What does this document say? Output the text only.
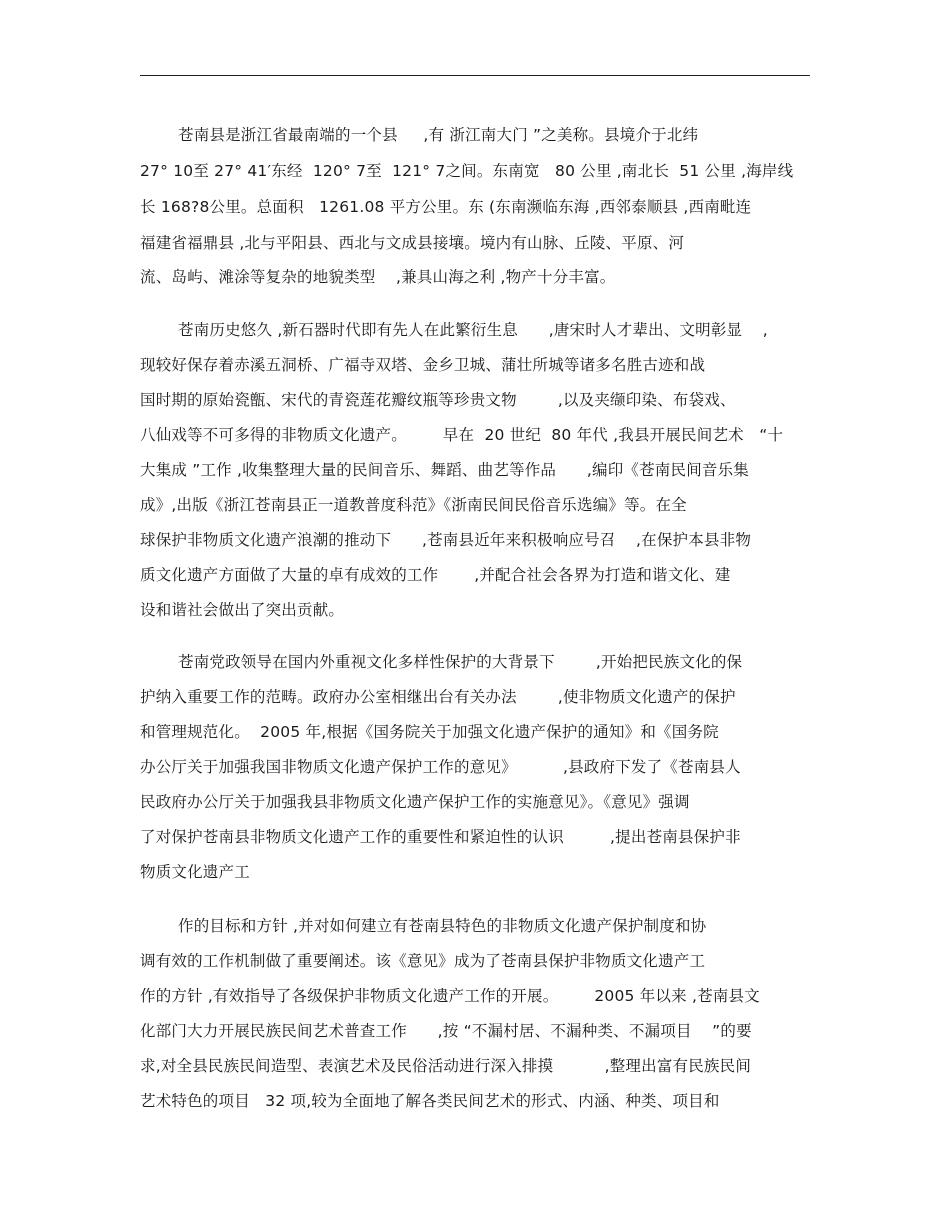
苍南县是浙江省最南端的一个县     ,有 浙江南大门 ”之美称。县境介于北纬
27° 10至 27° 41′东经  120° 7至  121° 7之间。东南宽   80 公里 ,南北长  51 公里 ,海岸线
长 168?8公里。总面积   1261.08 平方公里。东 (东南濒临东海 ,西邻泰顺县 ,西南毗连
福建省福鼎县 ,北与平阳县、西北与文成县接壤。境内有山脉、丘陵、平原、河
流、岛屿、滩涂等复杂的地貌类型    ,兼具山海之利 ,物产十分丰富。
苍南历史悠久 ,新石器时代即有先人在此繁衍生息      ,唐宋时人才辈出、文明彰显    ,
现较好保存着赤溪五洞桥、广福寺双塔、金乡卫城、蒲壮所城等诸多名胜古迹和战
国时期的原始瓷甑、宋代的青瓷莲花瓣纹瓶等珍贵文物        ,以及夹缬印染、布袋戏、
八仙戏等不可多得的非物质文化遗产。       早在  20 世纪  80 年代 ,我县开展民间艺术   “十
大集成 ”工作 ,收集整理大量的民间音乐、舞蹈、曲艺等作品      ,编印《苍南民间音乐集
成》,出版《浙江苍南县正一道教普度科范》《浙南民间民俗音乐选编》等。在全
球保护非物质文化遗产浪潮的推动下      ,苍南县近年来积极响应号召    ,在保护本县非物
质文化遗产方面做了大量的卓有成效的工作       ,并配合社会各界为打造和谐文化、建
设和谐社会做出了突出贡献。
苍南党政领导在国内外重视文化多样性保护的大背景下        ,开始把民族文化的保
护纳入重要工作的范畴。政府办公室相继出台有关办法        ,使非物质文化遗产的保护
和管理规范化。  2005 年,根据《国务院关于加强文化遗产保护的通知》和《国务院
办公厅关于加强我国非物质文化遗产保护工作的意见》         ,县政府下发了《苍南县人
民政府办公厅关于加强我县非物质文化遗产保护工作的实施意见》。《意见》强调
了对保护苍南县非物质文化遗产工作的重要性和紧迫性的认识         ,提出苍南县保护非
物质文化遗产工
作的目标和方针 ,并对如何建立有苍南县特色的非物质文化遗产保护制度和协
调有效的工作机制做了重要阐述。该《意见》成为了苍南县保护非物质文化遗产工
作的方针 ,有效指导了各级保护非物质文化遗产工作的开展。       2005 年以来 ,苍南县文
化部门大力开展民族民间艺术普查工作      ,按 “不漏村居、不漏种类、不漏项目    ”的要
求,对全县民族民间造型、表演艺术及民俗活动进行深入排摸          ,整理出富有民族民间
艺术特色的项目   32 项,较为全面地了解各类民间艺术的形式、内涵、种类、项目和
